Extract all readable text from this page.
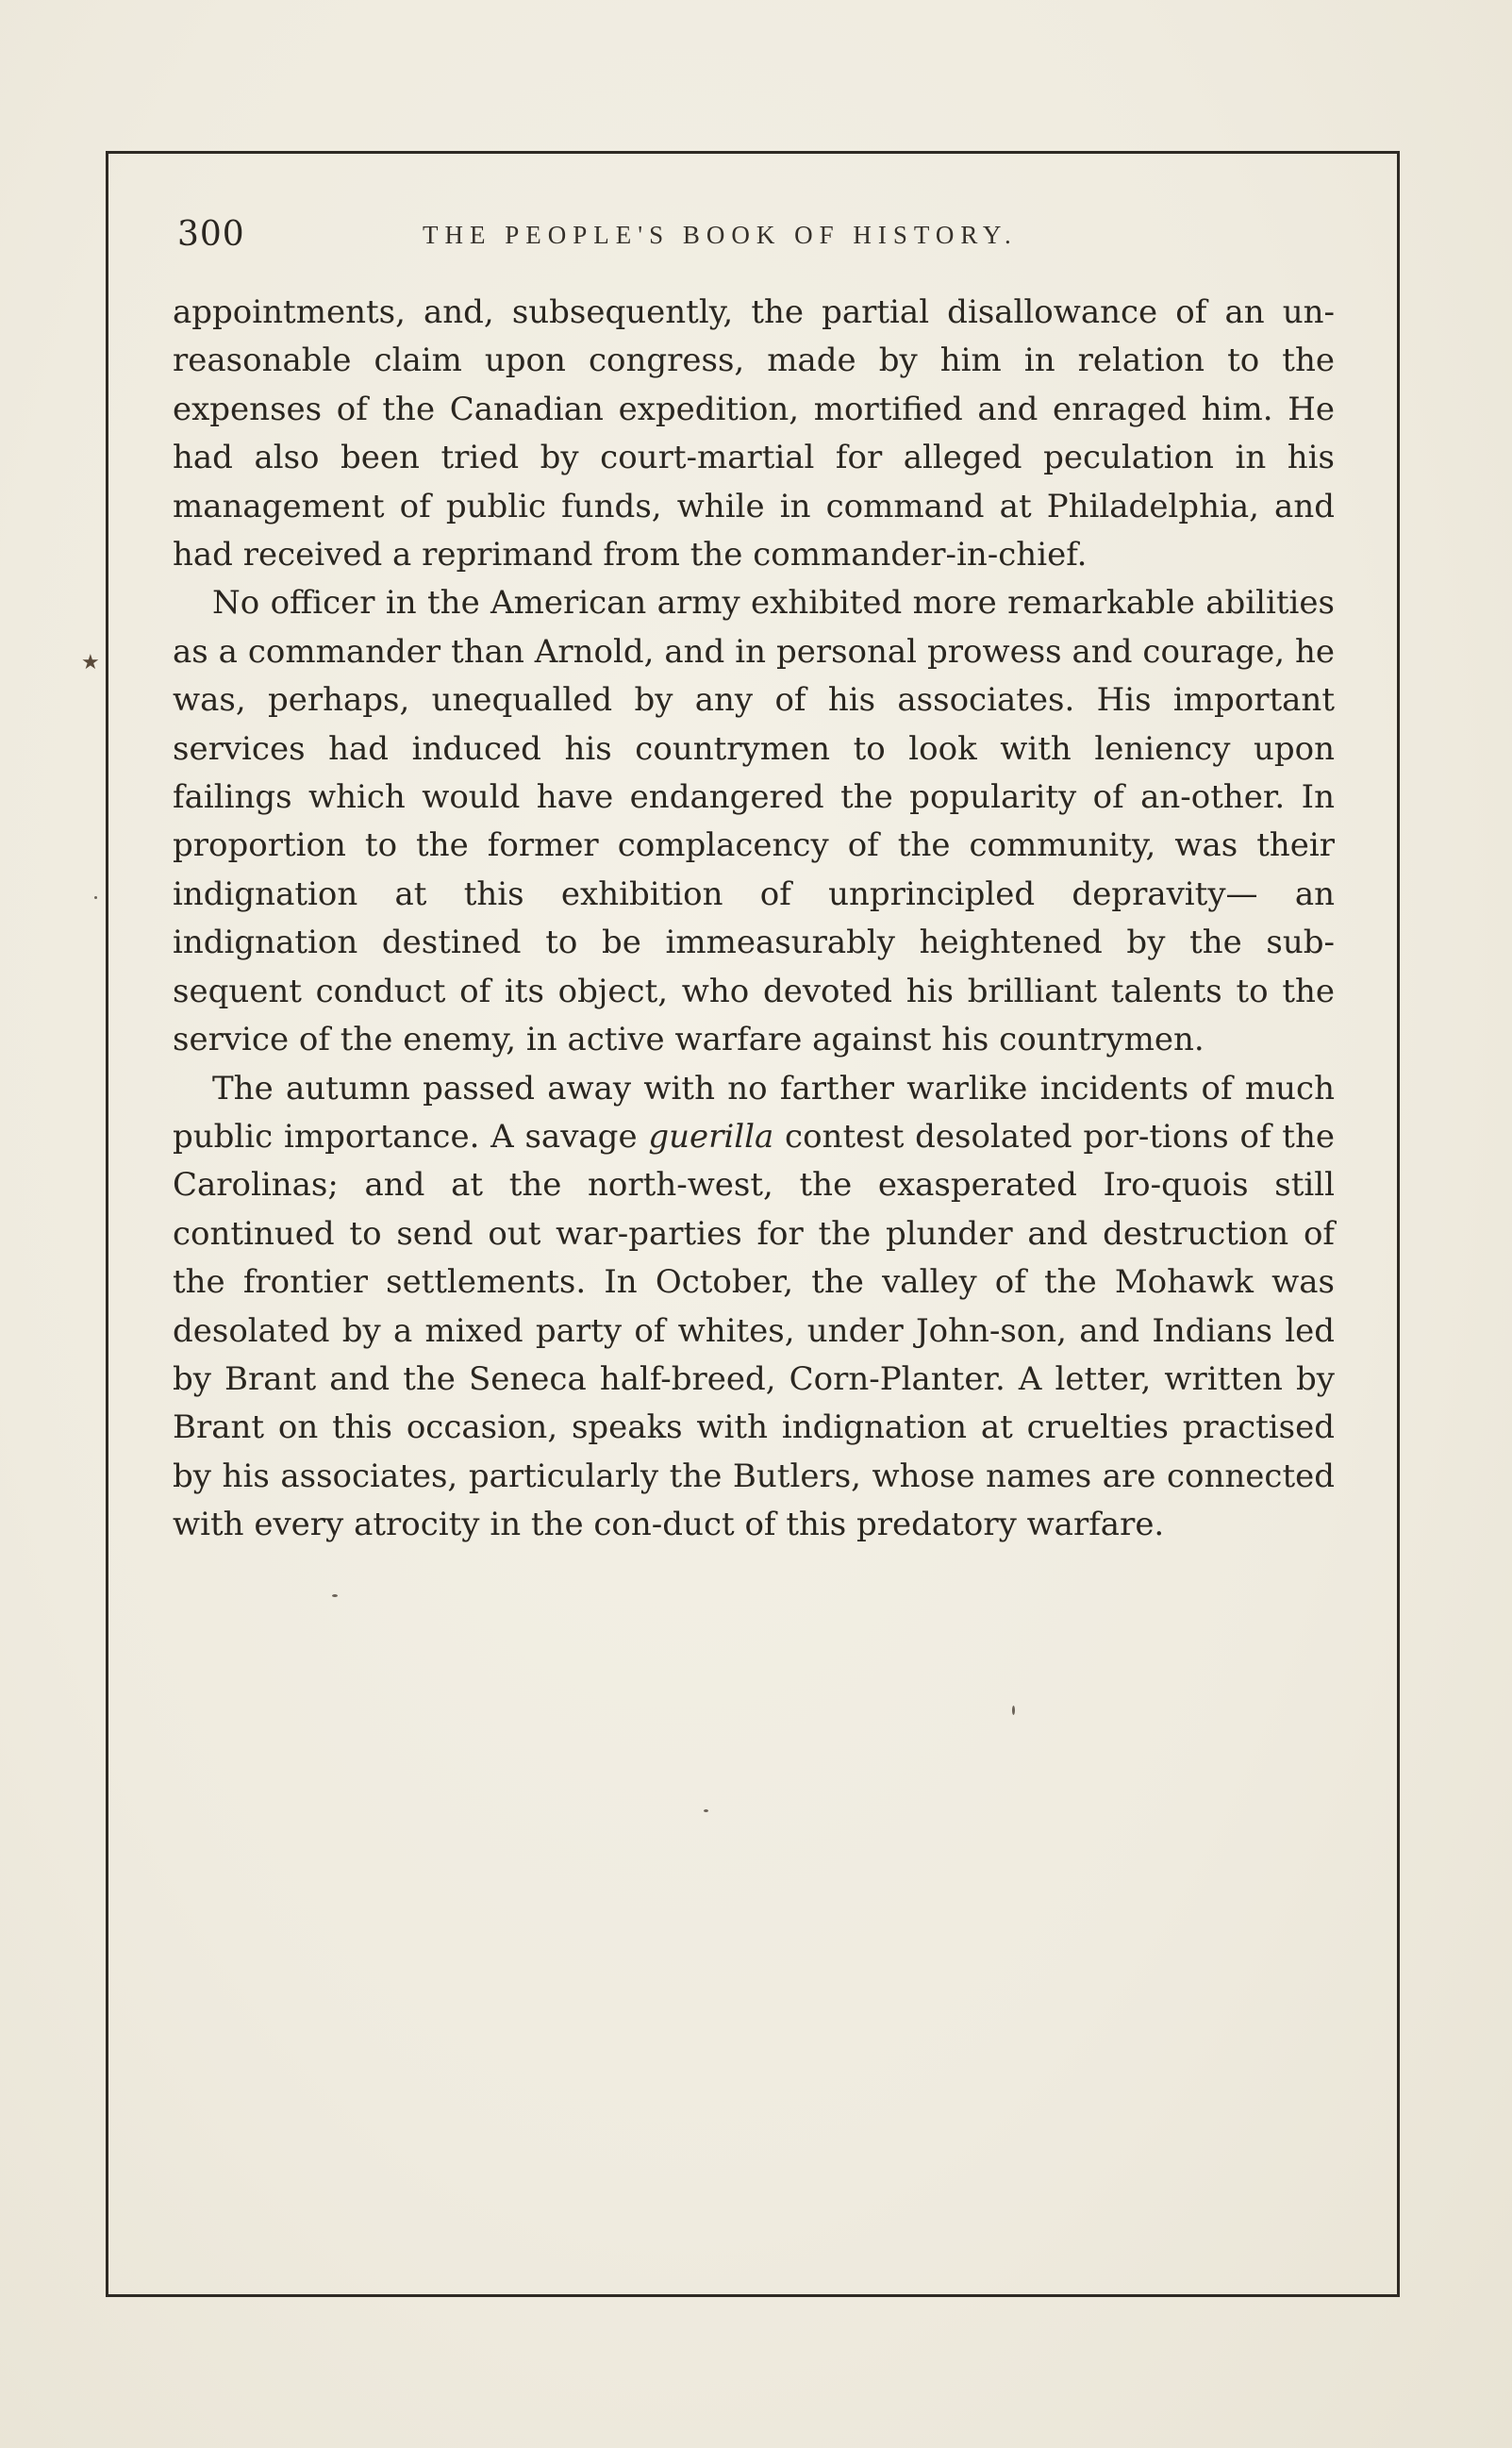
300	THE PEOPLE'S BOOK OF HISTORY.
★

appointments, and, subsequently, the partial disallowance of an un-reasonable claim upon congress, made by him in relation to the expenses of the Canadian expedition, mortified and enraged him. He had also been tried by court-martial for alleged peculation in his management of public funds, while in command at Philadelphia, and had received a reprimand from the commander-in-chief.

No officer in the American army exhibited more remarkable abilities as a commander than Arnold, and in personal prowess and courage, he was, perhaps, unequalled by any of his associates. His important services had induced his countrymen to look with leniency upon failings which would have endangered the popularity of an-other. In proportion to the former complacency of the community, was their indignation at this exhibition of unprincipled depravity— an indignation destined to be immeasurably heightened by the sub-sequent conduct of its object, who devoted his brilliant talents to the service of the enemy, in active warfare against his countrymen.

The autumn passed away with no farther warlike incidents of much public importance. A savage guerilla contest desolated por-tions of the Carolinas; and at the north-west, the exasperated Iro-quois still continued to send out war-parties for the plunder and destruction of the frontier settlements. In October, the valley of the Mohawk was desolated by a mixed party of whites, under John-son, and Indians led by Brant and the Seneca half-breed, Corn-Planter. A letter, written by Brant on this occasion, speaks with indignation at cruelties practised by his associates, particularly the Butlers, whose names are connected with every atrocity in the con-duct of this predatory warfare.
